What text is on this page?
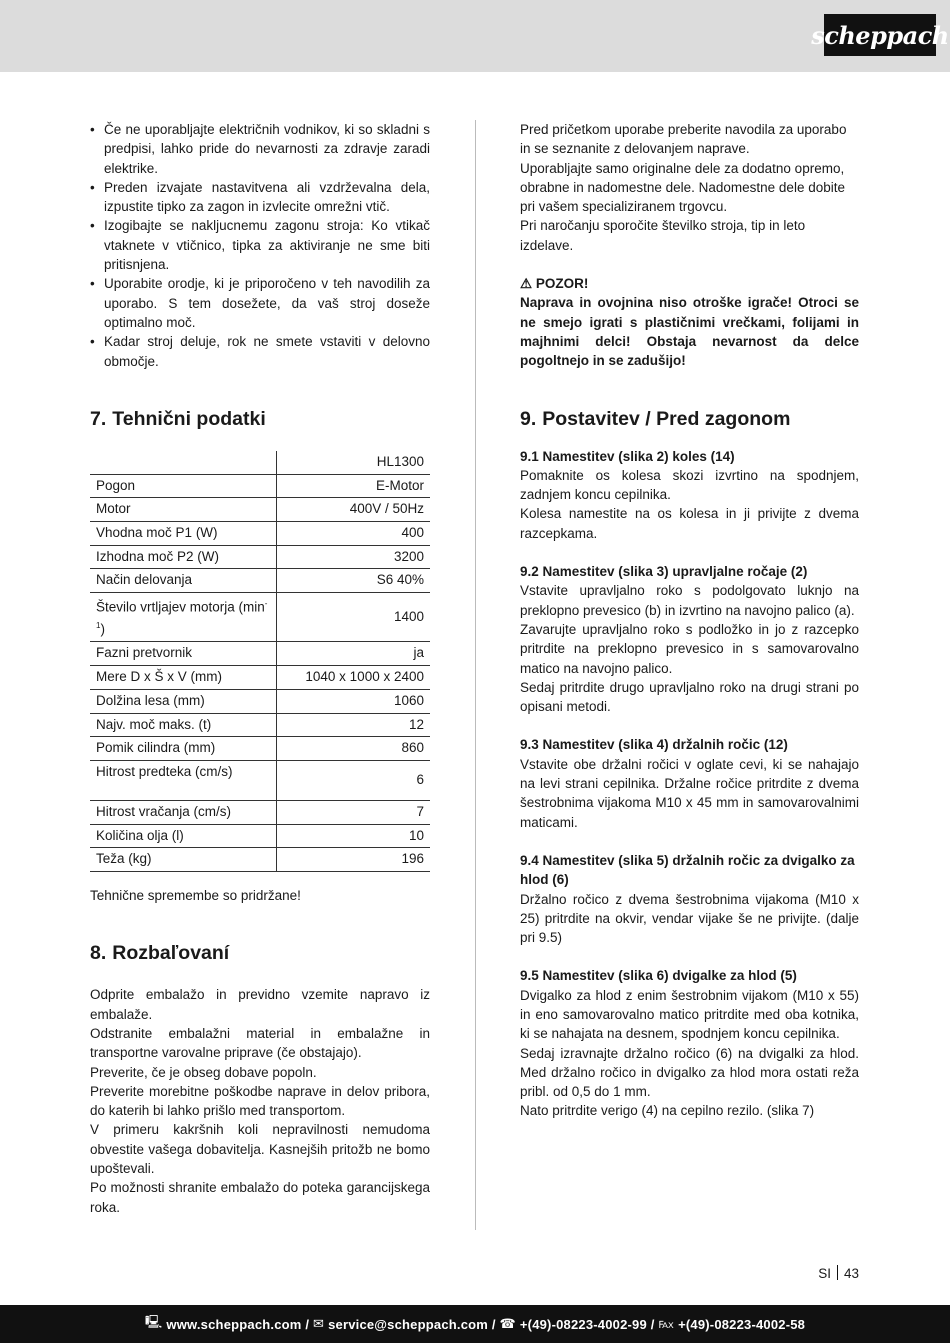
scheppach
• Če ne uporabljajte električnih vodnikov, ki so skladni s predpisi, lahko pride do nevarnosti za zdravje zaradi elektrike.
• Preden izvajate nastavitvena ali vzdrževalna dela, izpustite tipko za zagon in izvlecite omrežni vtič.
• Izogibajte se nakljucnemu zagonu stroja: Ko vtikač vtaknete v vtičnico, tipka za aktiviranje ne sme biti pritisnjena.
• Uporabite orodje, ki je priporočeno v teh navodilih za uporabo. S tem dosežete, da vaš stroj doseže optimalno moč.
• Kadar stroj deluje, rok ne smete vstaviti v delovno območje.
7. Tehnični podatki
	HL1300
Pogon	E-Motor
Motor	400V / 50Hz
Vhodna moč P1 (W)	400
Izhodna moč P2 (W)	3200
Način delovanja	S6 40%
Število vrtljajev motorja $(\min^{-1})$	1400
Fazni pretvornik	ja
Mere D x Š x V (mm)	1040 x 1000 x 2400
Dolžina lesa (mm)	1060
Najv. moč maks. (t)	12
Pomik cilindra (mm)	860
Hitrost predteka (cm/s)	6
Hitrost vračanja (cm/s)	7
Količina olja (l)	10
Teža (kg)	196

Tehnične spremembe so pridržane!

8. Rozbaľovaní

Odprite embalažo in previdno vzemite napravo iz embalaže.

Odstranite embalažni material in embalažne in transportne varovalne priprave (če obstajajo).

Preverite, če je obseg dobave popoln.

Preverite morebitne poškodbe naprave in delov pribora, do katerih bi lahko prišlo med transportom.

V primeru kakršnih koli nepravilnosti nemudoma obvestite vašega dobavitelja. Kasnejših pritožb ne bomo upoštevali.

Po možnosti shranite embalažo do poteka garancijskega roka.

Pred pričetkom uporabe preberite navodila za uporabo in se seznanite z delovanjem naprave.

Uporabljajte samo originalne dele za dodatno opremo, obrabne in nadomestne dele. Nadomestne dele dobite pri vašem specializiranem trgovcu.

Pri naročanju sporočite številko stroja, tip in leto izdelave.

⚠ POZOR!

Naprava in ovojnina niso otroške igrače! Otroci se ne smejo igrati s plastičnimi vrečkami, folijami in majhnimi delci! Obstaja nevarnost da delce pogoltnejo in se zadušijo!

9. Postavitev / Pred zagonom

9.1 Namestitev (slika 2) koles (14)

Pomaknite os kolesa skozi izvrtino na spodnjem, zadnjem koncu cepilnika.

Kolesa namestite na os kolesa in ji privijte z dvema razcepkama.

9.2 Namestitev (slika 3) upravljalne ročaje (2)

Vstavite upravljalno roko s podolgovato luknjo na preklopno prevesico (b) in izvrtino na navojno palico (a).

Zavarujte upravljalno roko s podložko in jo z razcepko pritrdite na preklopno prevesico in s samovarovalno matico na navojno palico.

Sedaj pritrdite drugo upravljalno roko na drugi strani po opisani metodi.

9.3 Namestitev (slika 4) držalnih ročic (12)

Vstavite obe držalni ročici v oglate cevi, ki se nahajajo na levi strani cepilnika. Držalne ročice pritrdite z dvema šestrobnima vijakoma M10 x 45 mm in samovarovalnimi maticami.

9.4 Namestitev (slika 5) držalnih ročic za dvigalko za hlod (6)

Držalno ročico z dvema šestrobnima vijakoma (M10 x 25) pritrdite na okvir, vendar vijake še ne privijte. (dalje pri 9.5)

9.5 Namestitev (slika 6) dvigalke za hlod (5)

Dvigalko za hlod z enim šestrobnim vijakom (M10 x 55) in eno samovarovalno matico pritrdite med oba kotnika, ki se nahajata na desnem, spodnjem koncu cepilnika.

Sedaj izravnajte držalno ročico (6) na dvigalki za hlod. Med držalno ročico in dvigalko za hlod mora ostati reža pribl. od 0,5 do 1 mm.

Nato pritrdite verigo (4) na cepilno rezilo. (slika 7)

SI 43
🖳 www.scheppach.com /
✉ service@scheppach.com /
☎ +(49)-08223-4002-99 /
℻ +(49)-08223-4002-58
